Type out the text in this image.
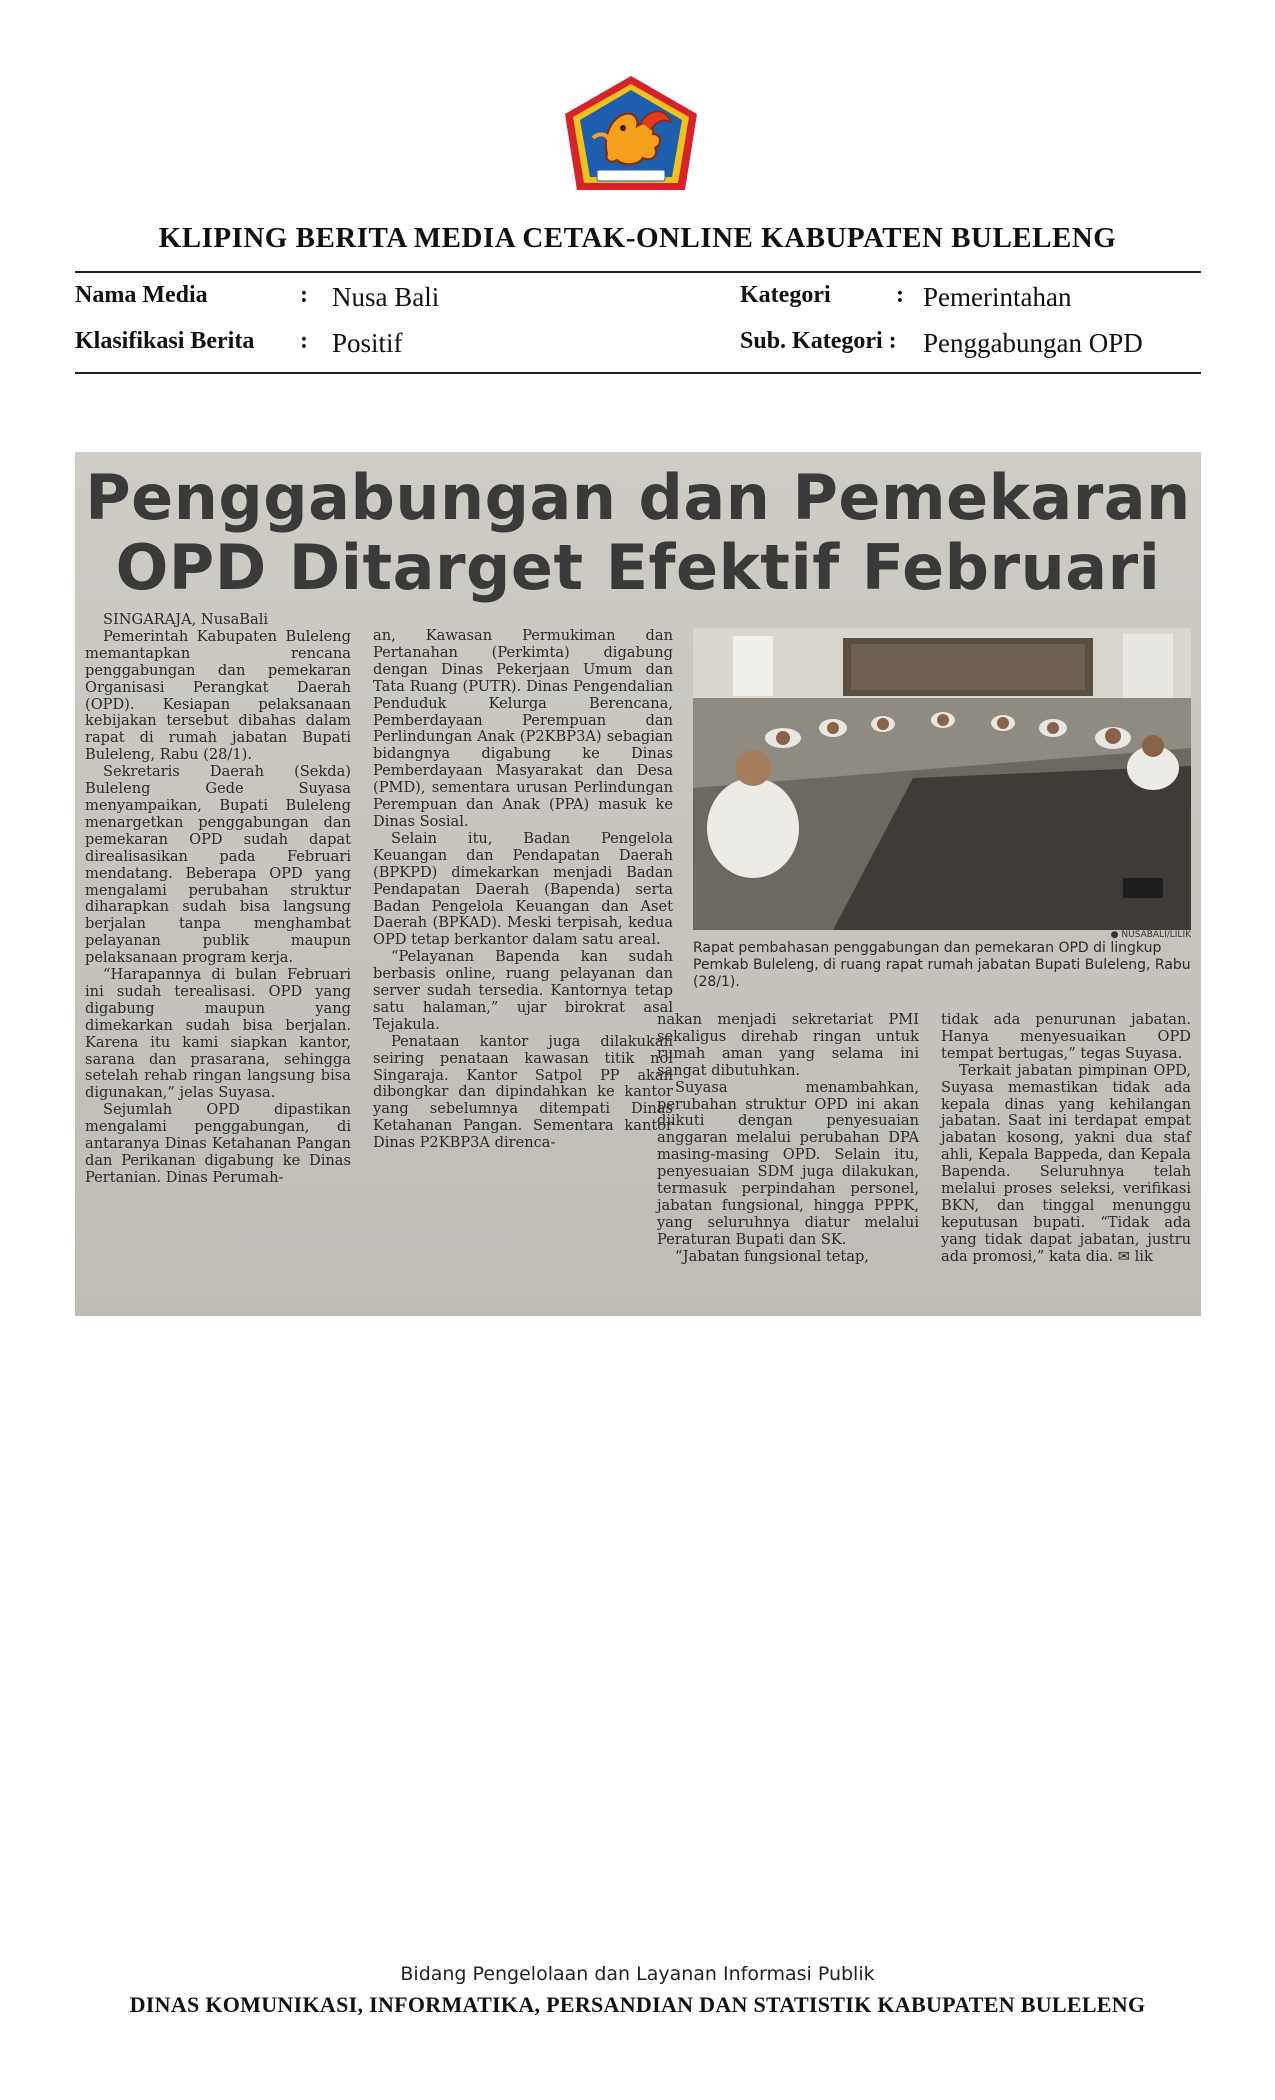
KLIPING BERITA MEDIA CETAK-ONLINE KABUPATEN BULELENG
Nama Media	: Nusa Bali	Kategori	: Pemerintahan
Klasifikasi Berita : Positif	Sub. Kategori : Penggabungan OPD
Penggabungan dan Pemekaran
OPD Ditarget Efektif Februari

SINGARAJA, NusaBali

Pemerintah Kabupaten Buleleng memantapkan rencana penggabungan dan pemekaran Organisasi Perangkat Daerah (OPD). Kesiapan pelaksanaan kebijakan tersebut dibahas dalam rapat di rumah jabatan Bupati Buleleng, Rabu (28/1).

Sekretaris Daerah (Sekda) Buleleng Gede Suyasa menyampaikan, Bupati Buleleng menargetkan penggabungan dan pemekaran OPD sudah dapat direalisasikan pada Februari mendatang. Beberapa OPD yang mengalami perubahan struktur diharapkan sudah bisa langsung berjalan tanpa menghambat pelayanan publik maupun pelaksanaan program kerja.

“Harapannya di bulan Februari ini sudah terealisasi. OPD yang digabung maupun yang dimekarkan sudah bisa berjalan. Karena itu kami siapkan kantor, sarana dan prasarana, sehingga setelah rehab ringan langsung bisa digunakan,” jelas Suyasa.

Sejumlah OPD dipastikan mengalami penggabungan, di antaranya Dinas Ketahanan Pangan dan Perikanan digabung ke Dinas Pertanian. Dinas Perumah-

an, Kawasan Permukiman dan Pertanahan (Perkimta) digabung dengan Dinas Pekerjaan Umum dan Tata Ruang (PUTR). Dinas Pengendalian Penduduk Kelurga Berencana, Pemberdayaan Perempuan dan Perlindungan Anak (P2KBP3A) sebagian bidangnya digabung ke Dinas Pemberdayaan Masyarakat dan Desa (PMD), sementara urusan Perlindungan Perempuan dan Anak (PPA) masuk ke Dinas Sosial.

Selain itu, Badan Pengelola Keuangan dan Pendapatan Daerah (BPKPD) dimekarkan menjadi Badan Pendapatan Daerah (Bapenda) serta Badan Pengelola Keuangan dan Aset Daerah (BPKAD). Meski terpisah, kedua OPD tetap berkantor dalam satu areal.

“Pelayanan Bapenda kan sudah berbasis online, ruang pelayanan dan server sudah tersedia. Kantornya tetap satu halaman,” ujar birokrat asal Tejakula.

Penataan kantor juga dilakukan seiring penataan kawasan titik nol Singaraja. Kantor Satpol PP akan dibongkar dan dipindahkan ke kantor yang sebelumnya ditempati Dinas Ketahanan Pangan. Sementara kantor Dinas P2KBP3A direnca-

● NUSABALI/LILIK
Rapat pembahasan penggabungan dan pemekaran OPD di lingkup Pemkab Buleleng, di ruang rapat rumah jabatan Bupati Buleleng, Rabu (28/1).

nakan menjadi sekretariat PMI sekaligus direhab ringan untuk rumah aman yang selama ini sangat dibutuhkan.

Suyasa menambahkan, perubahan struktur OPD ini akan diikuti dengan penyesuaian anggaran melalui perubahan DPA masing-masing OPD. Selain itu, penyesuaian SDM juga dilakukan, termasuk perpindahan personel, jabatan fungsional, hingga PPPK, yang seluruhnya diatur melalui Peraturan Bupati dan SK.

“Jabatan fungsional tetap,

tidak ada penurunan jabatan. Hanya menyesuaikan OPD tempat bertugas,” tegas Suyasa.

Terkait jabatan pimpinan OPD, Suyasa memastikan tidak ada kepala dinas yang kehilangan jabatan. Saat ini terdapat empat jabatan kosong, yakni dua staf ahli, Kepala Bappeda, dan Kepala Bapenda. Seluruhnya telah melalui proses seleksi, verifikasi BKN, dan tinggal menunggu keputusan bupati. “Tidak ada yang tidak dapat jabatan, justru ada promosi,” kata dia. ✉ lik

Bidang Pengelolaan dan Layanan Informasi Publik
DINAS KOMUNIKASI, INFORMATIKA, PERSANDIAN DAN STATISTIK KABUPATEN BULELENG
